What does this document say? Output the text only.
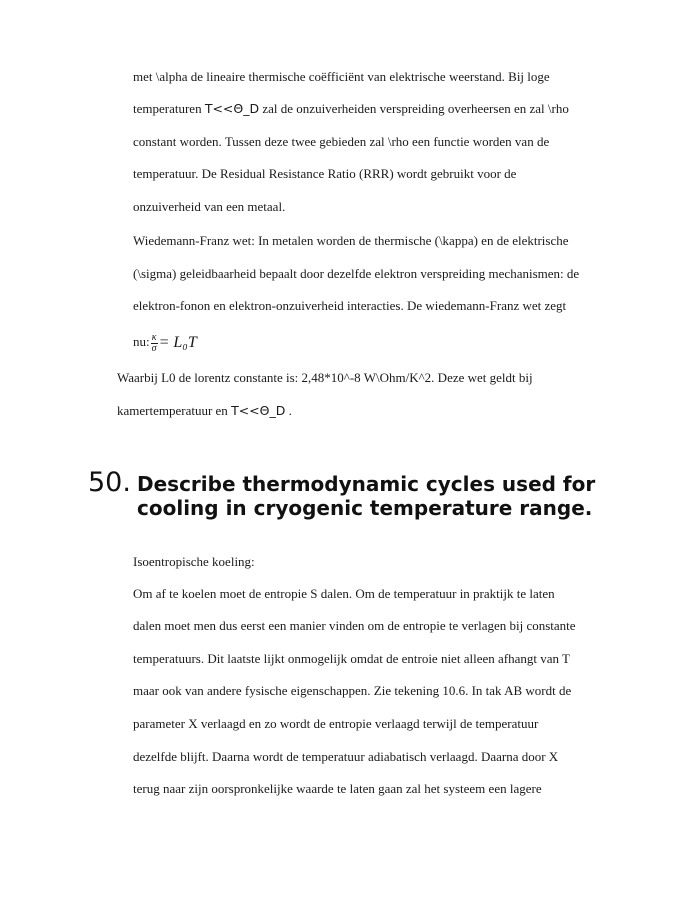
met \alpha de lineaire thermische coëfficiënt van elektrische weerstand. Bij loge
temperaturen T<<Θ_D zal de onzuiverheiden verspreiding overheersen en zal \rho
constant worden. Tussen deze twee gebieden zal \rho een functie worden van de
temperatuur. De Residual Resistance Ratio (RRR) wordt gebruikt voor de
onzuiverheid van een metaal.
Wiedemann-Franz wet: In metalen worden de thermische (\kappa) en de elektrische
(\sigma) geleidbaarheid bepaalt door dezelfde elektron verspreiding mechanismen: de
elektron-fonon en elektron-onzuiverheid interacties. De wiedemann-Franz wet zegt
nu: $\frac{\kappa}{\sigma} = L_0T$
Waarbij L0 de lorentz constante is: 2,48*10^-8 W\Ohm/K^2. Deze wet geldt bij
kamertemperatuur en T<<Θ_D .
50. Describe thermodynamic cycles used for
cooling in cryogenic temperature range.
Isoentropische koeling:
Om af te koelen moet de entropie S dalen. Om de temperatuur in praktijk te laten
dalen moet men dus eerst een manier vinden om de entropie te verlagen bij constante
temperatuurs. Dit laatste lijkt onmogelijk omdat de entroie niet alleen afhangt van T
maar ook van andere fysische eigenschappen. Zie tekening 10.6. In tak AB wordt de
parameter X verlaagd en zo wordt de entropie verlaagd terwijl de temperatuur
dezelfde blijft. Daarna wordt de temperatuur adiabatisch verlaagd. Daarna door X
terug naar zijn oorspronkelijke waarde te laten gaan zal het systeem een lagere
